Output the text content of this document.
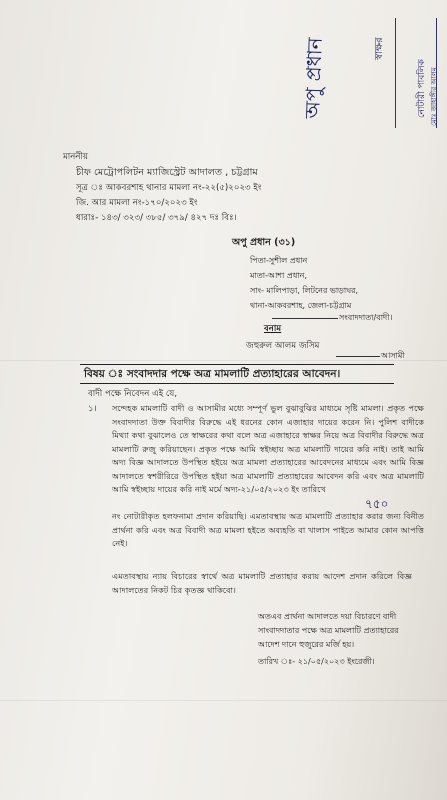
অপু প্রধান	স্বাক্ষর
নোটারী পাবলিক মোঃ জাহাঙ্গীর আলম
মাননীয়
চীফ মেট্রোপলিটন ম্যাজিস্ট্রেট আদালত , চট্টগ্রাম
সূত্র ঃ আকবরশাহ থানার মামলা নং-২২(৫)২০২৩ ইং
জি. আর মামলা নং-১৭০/২০২৩ ইং
ধারাঃ- ১৪৩/ ৩২৩/ ৩৮৫/ ৩৭৯/ ৪২৭ দঃ বিঃ।
অপু প্রধান (৩১)
পিতা-সুশীল প্রধান
মাতা-আশা প্রধান,
সাং- মালিপাড়া, লিটনের ভাড়াঘর,
থানা-আকবরশাহ, জেলা-চট্টগ্রাম
সংবাদদাতা/বাদী।
বনাম
জহুরুল আলম জসিম
আসামী
বিষয় ঃ সংবাদদার পক্ষে অত্র মামলাটি প্রত্যাহারের আবেদন।
বাদী পক্ষে নিবেদন এই যে,
১। সন্দেহক মামলাটি বাদী ও আসামীর মধ্যে সম্পূর্ণ ভুল বুঝাবুঝির মাধ্যমে সৃষ্টি মামলা। প্রকৃত পক্ষে সংবাদদাতা উক্ত বিবাদীর বিরুদ্ধে এই ধরনের কোন এজাহার দায়ের করেন নি। পুলিশ বাদীকে মিথ্যা কথা বুঝালেও তে স্বাক্ষরের কথা বলে অত্র এজাহারে স্বাক্ষর নিয়ে অত্র বিবাদীর বিরুদ্ধে অত্র মামলাটি রুজু করিয়াছেন। প্রকৃত পক্ষে আমি স্বইচ্ছায় অত্র মামলাটি দায়ের করি নাই। তাই আমি অদ্য বিজ্ঞ আদালতে উপস্থিত হইয়ে অত্র মামলা প্রত্যাহারের আবেদনের মাধ্যমে এবং আমি বিজ্ঞ আদালতে স্বশরীরিরে উপস্থিত হইয়া অত্র মামলাটি প্রত্যাহারের আবেদন করি এবং অত্র মামলাটি আমি স্বইচ্ছায় দায়ের করি নাই মর্মে অদ্য-২১/০৫/২০২৩ ইং তারিখে
৭৫০
নং নোটারীকৃত হলফনামা প্রদান করিয়াছি। এমতাবস্থায় অত্র মামলাটি প্রত্যাহার করার জন্য বিনীত প্রার্থনা করি এবং অত্র বিবাদী অত্র মামলা হইতে অব্যহতি বা খালাস পাইতে আমার কোন আপত্তি নেই।
এমতাবস্থায় ন্যায় বিচারের স্বার্থে অত্র মামলাটি প্রত্যাহার করায় আদেশ প্রদান করিলে বিজ্ঞ আদালতের নিকট চির কৃতজ্ঞ থাকিবো।
অতএব প্রার্থনা আদালতে দয়া বিচারণে বাদী
সাংবাদদাতার পক্ষে অত্র মামলাটি প্রত্যাহারের
আদেশ দানে হুজুরের মর্জি হয়।
তারিখ ঃ- ২১/০৫/২০২৩ ইংরেজী।
